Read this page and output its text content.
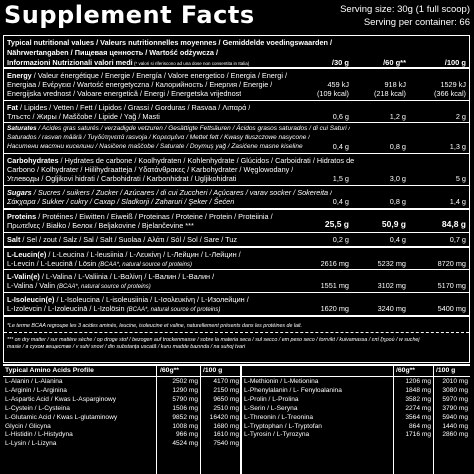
Supplement Facts	Serving size: 30g (1 full scoop)
Serving per container: 66
Typical nutritional values / Valeurs nutritionnelles moyennes / Gemiddelde voedingswaarden /
Nährwertangaben / Пищевая ценность / Wartość odżywcza /
Informazioni Nutrizionali valori medi (* valori si riferiscono ad una dose non consentita in Italia)	/30 g	/60 g**	/100 g
Energy / Valeur énergétique / Energie / Energía / Valore energetico / Energia / Energi /
Energiaa / Ενέργεια / Wartość energetyczna / Калорийность / Енергия / Energie /
Energijska vrednost / Valoare energetică / Energi / Energetska vrijednost
459 kJ	918 kJ	1529 kJ
(109 kcal)	(218 kcal)	(366 kcal)
Fat / Lipides / Vetten / Fett / Lipidos / Grassi / Gorduras / Rasvaa / Λιπαρά /
Тлъстс / Жиры / Maščobe / Lipide / Yağ / Masti	0,6 g	1,2 g	2 g
Saturates / Acides gras saturés / verzadigde vetzuren / Gesättigte Fettsäuren / Ácidos grasos saturados / di cui Saturi /
Saturados / rasvan määrä / Τυγδύτηνειτά rasvoja / Κορεσμένα / Μettet fett / Kwasy tłuszczowe nasycone /
Наситени мастни киселини / Nasičene maščobe / Saturate / Doymuş yağ / Zasićene masne kiseline	0,4 g	0,8 g	1,3 g
Carbohydrates / Hydrates de carbone / Koolhydraten / Kohlenhydrate / Glúcidos / Carboidrati / Hidratos de
Carbono / Kolhydrater / Hiilihydraatteja / Υδατάνθρακες / Karbohydrater / Węglowodany /
Углеводы / Ogljikovi hidrati / Carbohidrati / Karbonhidrat / Ugljikohidrati	1,5 g	3,0 g	5 g
Sugars / Sucres / suikers / Zucker / Azúcares / di cui Zuccheri / Açúcares / varav socker / Sokereita /
Σάκχαρα / Sukker / cukry / Сахар / Sladkorji / Zaharuri / Şeker / Šećeri	0,4 g	0,8 g	1,4 g
Proteins / Protéines / Eiwitten / Eiweiß / Proteinas / Proteine / Protein / Proteiinia /
Πρωτεΐνες / Białko / Белок / Beljakovine / Bjelančevine ***	25,5 g	50,9 g	84,8 g
Salt / Sel / zout / Salz / Sal / Salt / Suolaa / Αλάτι / Sól / Sol / Sare / Tuz	0,2 g	0,4 g	0,7 g
L-Leucin(e) / L-Leucina / L-leusiinia / L-Λευκίνη / L-Лейцин / L-Лейцин /
L-Levcin / L-Leucinā / Lösin (BCAA*, natural source of proteins)	2616 mg	5232 mg	8720 mg
L-Valin(e) / L-Valina / L-Valiinia / L-Βαλίνη / L-Валин / L-Валин /
L-Valina / Valin (BCAA*, natural source of proteins)	1551 mg	3102 mg	5170 mg
L-Isoleucin(e) / L-Isoleucina / L-isoleusiinia / L-Ισολευκίνη / L-Изолейцин /
L-Izolevcin / L-Izoleucinā / L-Izolösin (BCAA*, natural source of proteins)	1620 mg	3240 mg	5400 mg
*Le terme BCAA regroupe les 3 acides aminés, leucine, isoleucine et valine, naturellement présents dans les protéines de lait.
*** on dry matter / sur matière sèche / op droge stof / bezogen auf trockenmasse / sobre la materia seca / sul secco / em peso seco / torrvikt / kuivamassa / επί ξηρού / w suchej
masie / в сухом веществе / v suhi snovi / din substanța uscată / kuru madde bazında / na suhoj tvari
Typical Amino Acids Profile	/60g**	/100 g	/60g**	/100 g
L-Alanin / L-Alanina	2502 mg 4170 mg
L-Arginin / L-Arginina	1290 mg 2150 mg
L-Aspartic Acid / Kwas L-Asparginowy	5790 mg 9650 mg
L-Cystein / L-Cysteina	1506 mg 2510 mg
L-Glutamic Acid / Kwas L-glutaminowy	9852 mg 16420 mg
Glycin / Glicyna	1008 mg 1680 mg
L-Histidin / L-Histydyna	966 mg 1610 mg
L-Lysin / L-Lizyna	4524 mg 7540 mg
L-Methionin / L-Metionina	1206 mg 2010 mg
L-Phenylalanin / L- Fenyloalanina	1848 mg 3080 mg
L-Prolin / L-Prolina	3582 mg 5970 mg
L-Serin / L-Seryna	2274 mg 3790 mg
L-Threonin / L-Treonina	3564 mg 5940 mg
L-Tryptophan / L-Tryptofan	864 mg 1440 mg
L-Tyrosin / L-Tyrozyna	1716 mg 2860 mg
